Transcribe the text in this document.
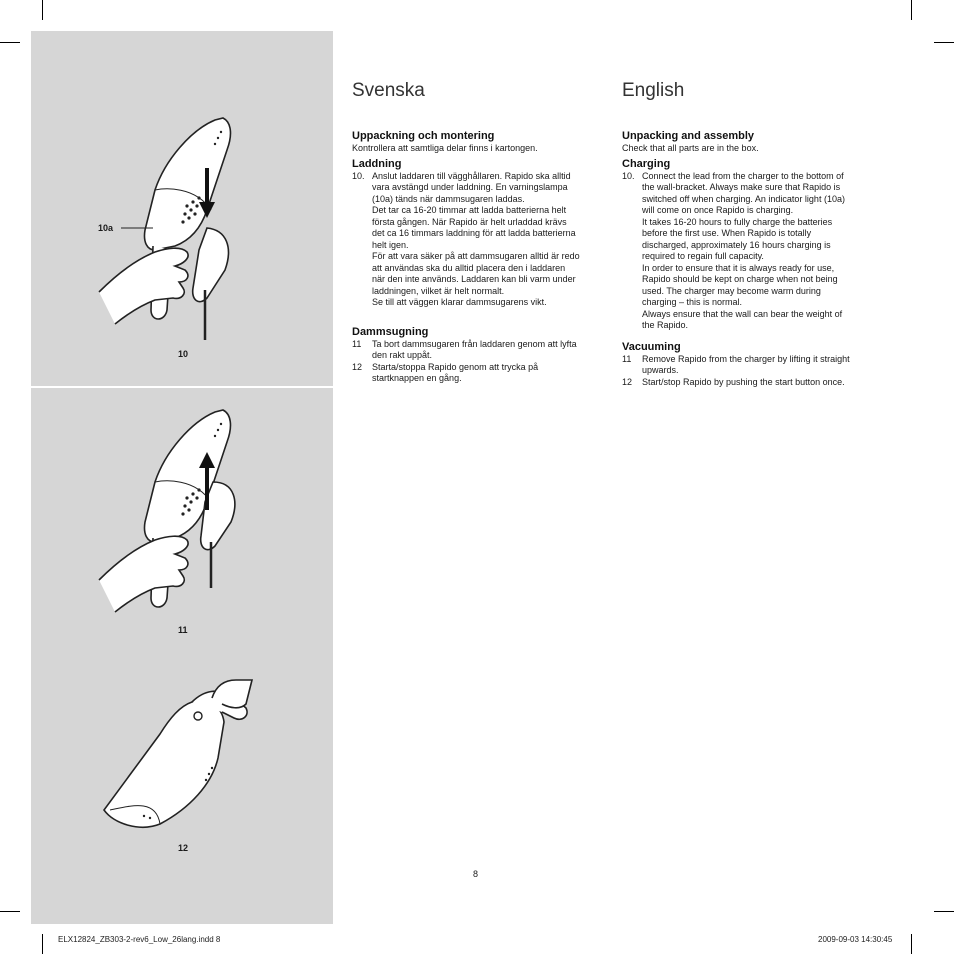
10a
10
11
12
Svenska
Uppackning och montering

Kontrollera att samtliga delar finns i kartongen.

Laddning
10. Anslut laddaren till vägghållaren. Rapido ska alltid
vara avstängd under laddning. En varningslampa
(10a) tänds när dammsugaren laddas.
Det tar ca 16-20 timmar att ladda batterierna helt
första gången. När Rapido är helt urladdad krävs
det ca 16 timmars laddning för att ladda batterierna
helt igen.
För att vara säker på att dammsugaren alltid är redo
att användas ska du alltid placera den i laddaren
när den inte används. Laddaren kan bli varm under
laddningen, vilket är helt normalt.
Se till att väggen klarar dammsugarens vikt.
Dammsugning
11	Ta bort dammsugaren från laddaren genom att lyfta
den rakt uppåt.
12	Starta/stoppa Rapido genom att trycka på
startknappen en gång.
English
Unpacking and assembly

Check that all parts are in the box.

Charging
10. Connect the lead from the charger to the bottom of
the wall-bracket. Always make sure that Rapido is
switched off when charging. An indicator light (10a)
will come on once Rapido is charging.
It takes 16-20 hours to fully charge the batteries
before the first use. When Rapido is totally
discharged, approximately 16 hours charging is
required to regain full capacity.
In order to ensure that it is always ready for use,
Rapido should be kept on charge when not being
used. The charger may become warm during
charging – this is normal.
Always ensure that the wall can bear the weight of
the Rapido.
Vacuuming
11	Remove Rapido from the charger by lifting it straight
upwards.
12	Start/stop Rapido by pushing the start button once.
8
ELX12824_ZB303-2-rev6_Low_26lang.indd 8	2009-09-03 14:30:45
